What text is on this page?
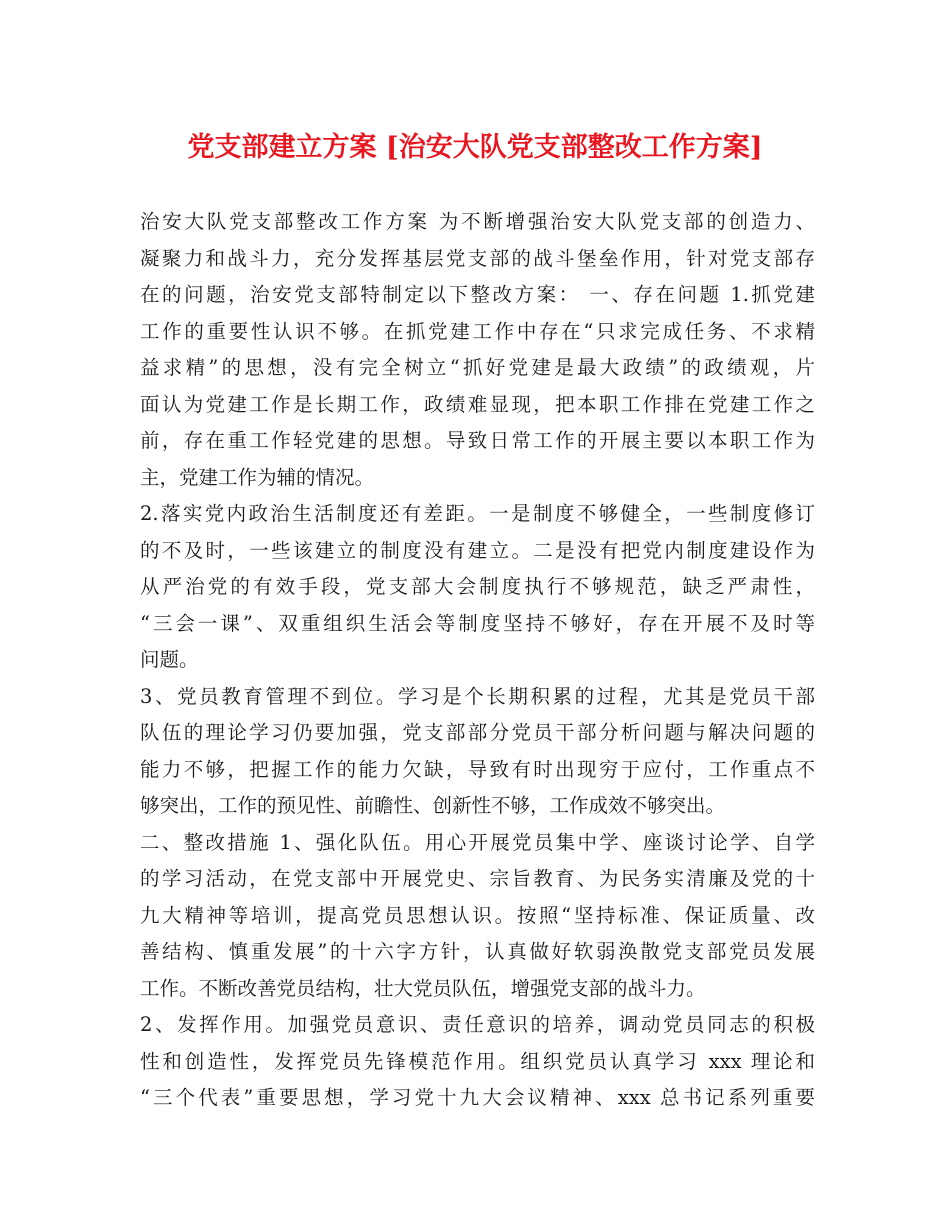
党支部建立方案 [治安大队党支部整改工作方案]
治安大队党支部整改工作方案 为不断增强治安大队党支部的创造力、
凝聚力和战斗力，充分发挥基层党支部的战斗堡垒作用，针对党支部存
在的问题，治安党支部特制定以下整改方案： 一、存在问题 1.抓党建
工作的重要性认识不够。在抓党建工作中存在“只求完成任务、不求精
益求精”的思想，没有完全树立“抓好党建是最大政绩”的政绩观，片
面认为党建工作是长期工作，政绩难显现，把本职工作排在党建工作之
前，存在重工作轻党建的思想。导致日常工作的开展主要以本职工作为
主，党建工作为辅的情况。
2.落实党内政治生活制度还有差距。一是制度不够健全，一些制度修订
的不及时，一些该建立的制度没有建立。二是没有把党内制度建设作为
从严治党的有效手段，党支部大会制度执行不够规范，缺乏严肃性，
“三会一课”、双重组织生活会等制度坚持不够好，存在开展不及时等
问题。
3、党员教育管理不到位。学习是个长期积累的过程，尤其是党员干部
队伍的理论学习仍要加强，党支部部分党员干部分析问题与解决问题的
能力不够，把握工作的能力欠缺，导致有时出现穷于应付，工作重点不
够突出，工作的预见性、前瞻性、创新性不够，工作成效不够突出。
二、整改措施 1、强化队伍。用心开展党员集中学、座谈讨论学、自学
的学习活动，在党支部中开展党史、宗旨教育、为民务实清廉及党的十
九大精神等培训，提高党员思想认识。按照“坚持标准、保证质量、改
善结构、慎重发展”的十六字方针，认真做好软弱涣散党支部党员发展
工作。不断改善党员结构，壮大党员队伍，增强党支部的战斗力。
2、发挥作用。加强党员意识、责任意识的培养，调动党员同志的积极
性和创造性，发挥党员先锋模范作用。组织党员认真学习 xxx 理论和
“三个代表”重要思想，学习党十九大会议精神、xxx 总书记系列重要
